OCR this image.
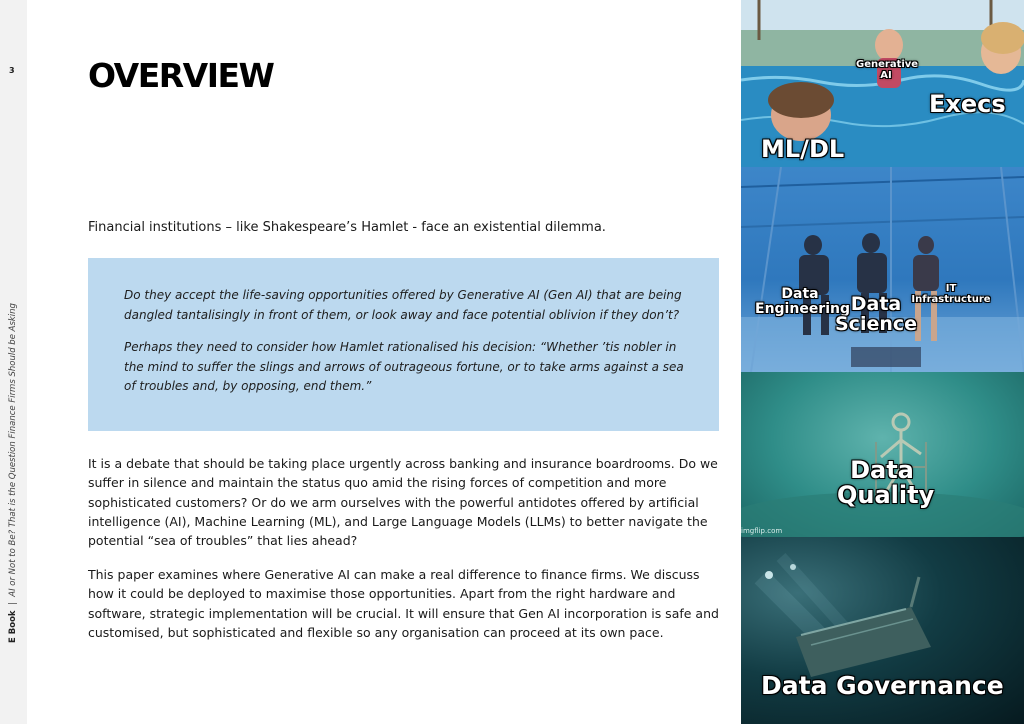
3
E Book  |  AI or Not to Be? That is the Question Finance Firms Should be Asking
OVERVIEW
Financial institutions – like Shakespeare’s Hamlet - face an existential dilemma.

Do they accept the life-saving opportunities offered by Generative AI (Gen AI) that are being dangled tantalisingly in front of them, or look away and face potential oblivion if they don’t?

Perhaps they need to consider how Hamlet rationalised his decision: “Whether ’tis nobler in the mind to suffer the slings and arrows of outrageous fortune, or to take arms against a sea of troubles and, by opposing, end them.”

It is a debate that should be taking place urgently across banking and insurance boardrooms. Do we suffer in silence and maintain the status quo amid the rising forces of competition and more sophisticated customers? Or do we arm ourselves with the powerful antidotes offered by artificial intelligence (AI), Machine Learning (ML), and Large Language Models (LLMs) to better navigate the potential “sea of troubles” that lies ahead?

This paper examines where Generative AI can make a real difference to finance firms. We discuss how it could be deployed to maximise those opportunities. Apart from the right hardware and software, strategic implementation will be crucial. It will ensure that Gen AI incorporation is safe and customised, but sophisticated and flexible so any organisation can proceed at its own pace.

Generative AI
Execs
ML/DL
Data Engineering Data Science
IT Infrastructure
Data Quality
imgflip.com
Data Governance
